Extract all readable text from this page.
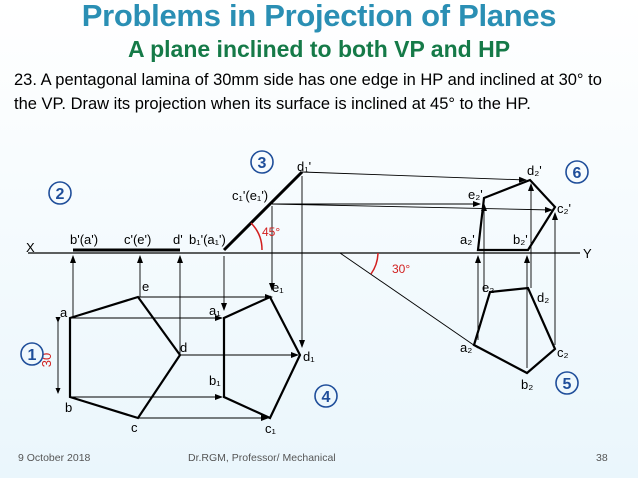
Problems in Projection of Planes
A plane inclined to both VP and HP
23. A pentagonal lamina of 30mm side has one edge in HP and inclined at 30° to the VP. Draw its projection when its surface is inclined at 45° to the HP.
30
45°
30°
X	Y
b'(a') c'(e') d' b₁'(a₁')
c₁'(e₁')
d₁'
a
b
c
d
e
a₁
b₁
c₁
d₁
e₁
a₂
b₂
c₂
d₂
e₂
a₂'	b₂'
c₂'
d₂'
e₂'
1
2
3
4
5
6
9 October 2018	Dr.RGM, Professor/ Mechanical	38
